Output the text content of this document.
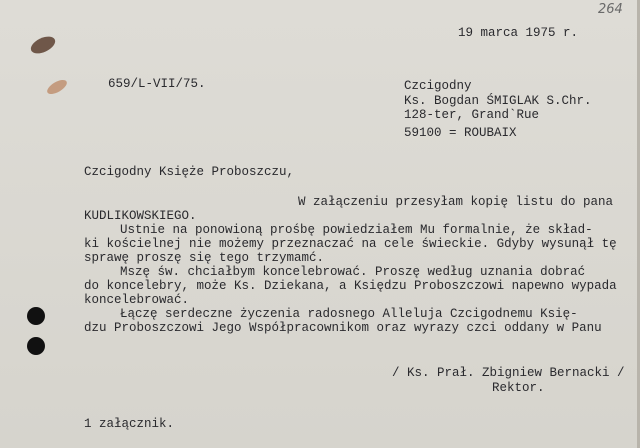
264
19 marca 1975 r.
659/L-VII/75.	Czcigodny
Ks. Bogdan ŚMIGLAK S.Chr.
128-ter, Grand`Rue
59100 = ROUBAIX
Czcigodny Księże Proboszczu,
W załączeniu przesyłam kopię listu do pana
KUDLIKOWSKIEGO.
Ustnie na ponowioną prośbę powiedziałem Mu formalnie, że skład-
ki kościelnej nie możemy przeznaczać na cele świeckie. Gdyby wysunął tę
sprawę proszę się tego trzymamć.
Mszę św. chciałbym koncelebrować. Proszę według uznania dobrać
do koncelebry, może Ks. Dziekana, a Księdzu Proboszczowi napewno wypada
koncelebrować.
Łączę serdeczne życzenia radosnego Alleluja Czcigodnemu Księ-
dzu Proboszczowi Jego Współpracownikom oraz wyrazy czci oddany w Panu
/ Ks. Prał. Zbigniew Bernacki /
Rektor.
1 załącznik.
